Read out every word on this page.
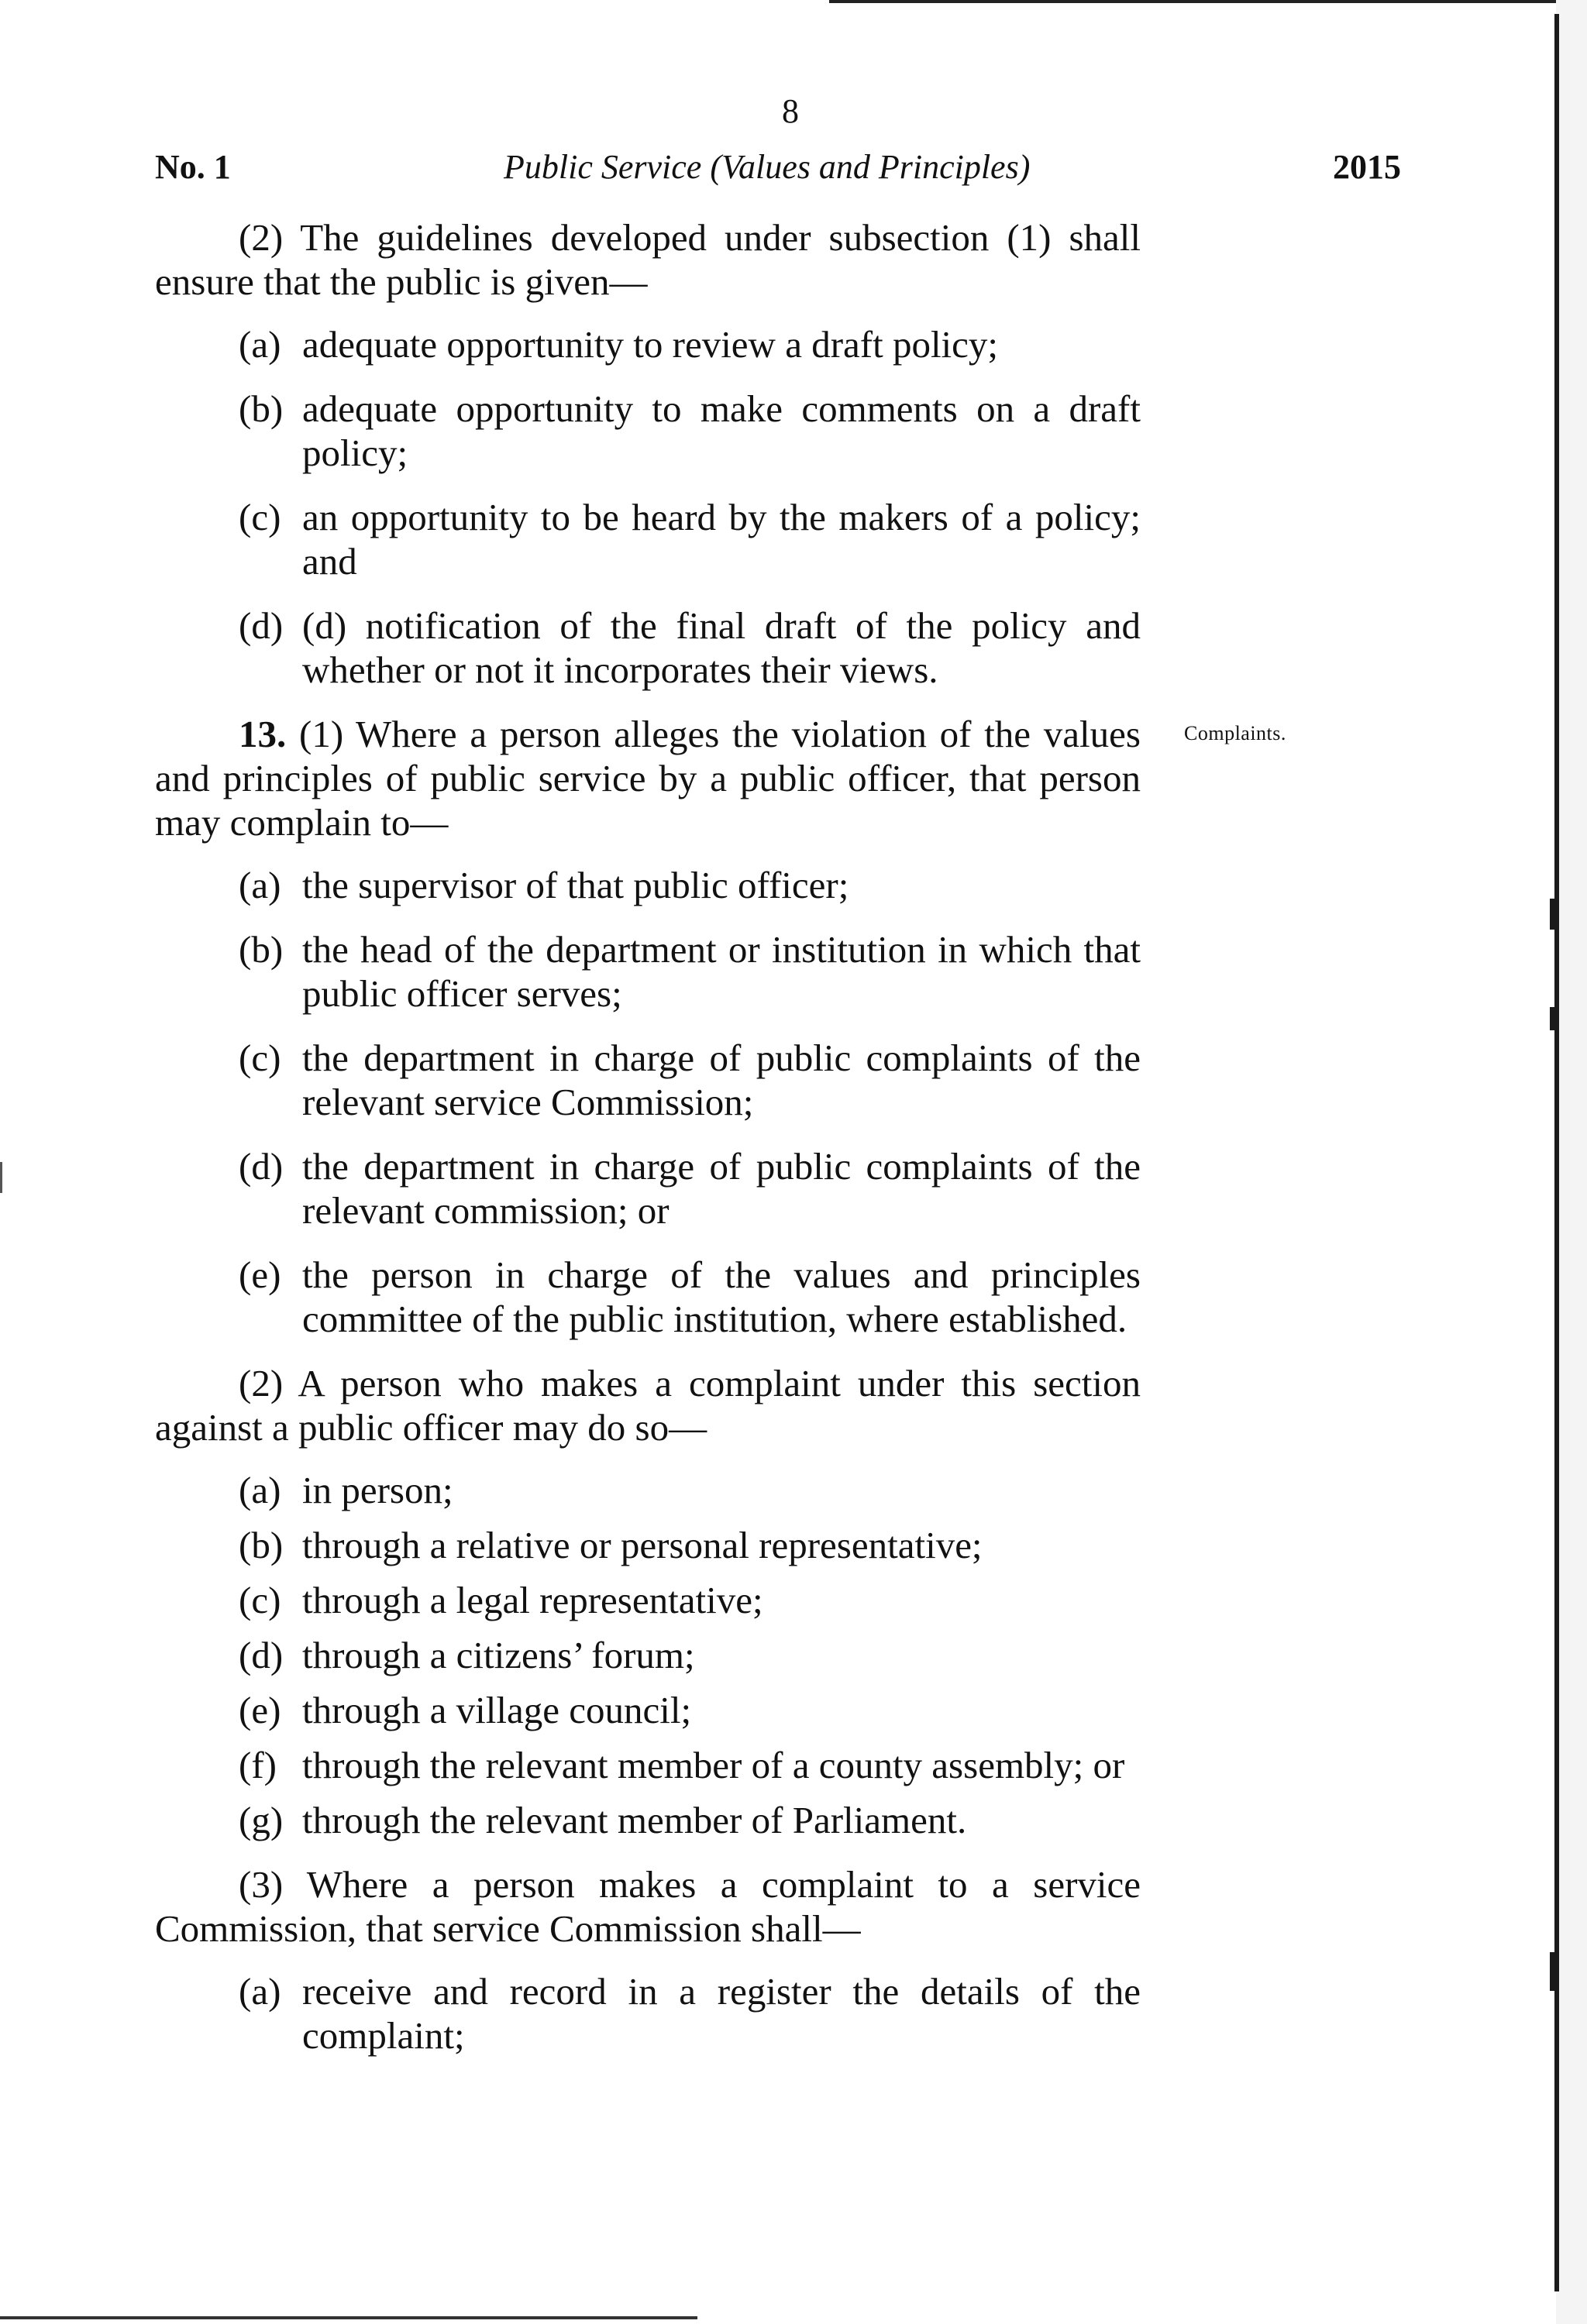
8
No. 1	Public Service (Values and Principles)	2015
Complaints.

(2) The guidelines developed under subsection (1) shall ensure that the public is given—

(a) adequate opportunity to review a draft policy;
(b) adequate opportunity to make comments on a draft policy;
(c) an opportunity to be heard by the makers of a policy; and
(d) (d) notification of the final draft of the policy and whether or not it incorporates their views.

13. (1) Where a person alleges the violation of the values and principles of public service by a public officer, that person may complain to—

(a) the supervisor of that public officer;
(b) the head of the department or institution in which that public officer serves;
(c) the department in charge of public complaints of the relevant service Commission;
(d) the department in charge of public complaints of the relevant commission; or
(e) the person in charge of the values and principles committee of the public institution, where established.

(2) A person who makes a complaint under this section against a public officer may do so—

(a) in person;
(b) through a relative or personal representative;
(c) through a legal representative;
(d) through a citizens’ forum;
(e) through a village council;
(f) through the relevant member of a county assembly; or
(g) through the relevant member of Parliament.

(3) Where a person makes a complaint to a service Commission, that service Commission shall—

(a) receive and record in a register the details of the complaint;
